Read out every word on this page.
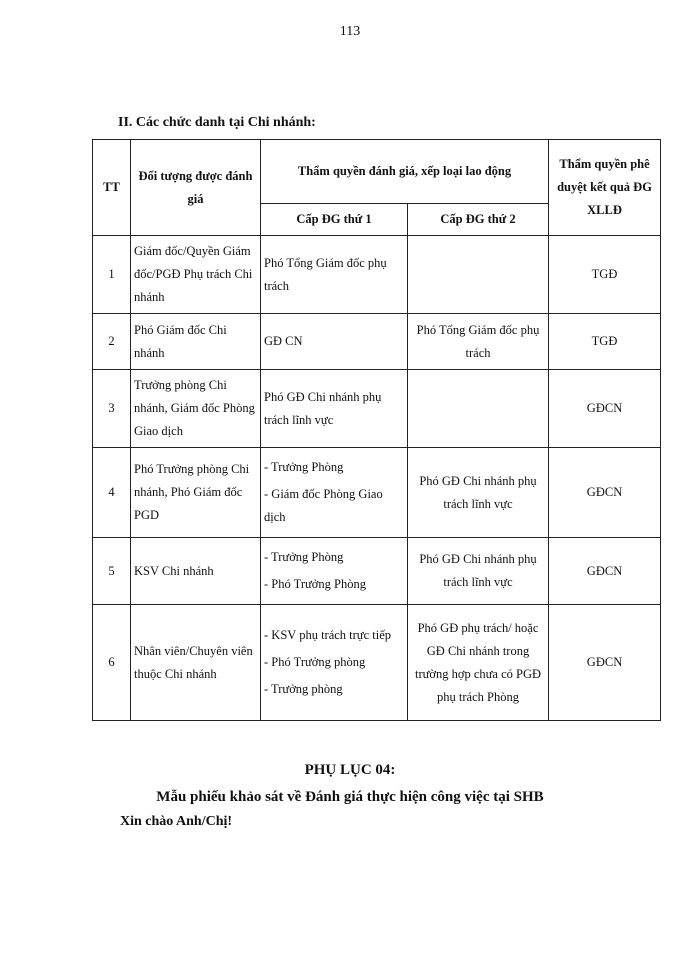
113
II. Các chức danh tại Chi nhánh:
TT	Đối tượng được đánh giá	Thẩm quyền đánh giá, xếp loại lao động		Thẩm quyền phê duyệt kết quả ĐG XLLĐ
		Cấp ĐG thứ 1	Cấp ĐG thứ 2	
1	Giám đốc/Quyền Giám đốc/PGĐ Phụ trách Chi nhánh	Phó Tổng Giám đốc phụ trách		TGĐ
2	Phó Giám đốc Chi nhánh	GĐ CN	Phó Tổng Giám đốc phụ trách	TGĐ
3	Trưởng phòng Chi nhánh, Giám đốc Phòng Giao dịch	Phó GĐ Chi nhánh phụ trách lĩnh vực		GĐCN
4	Phó Trưởng phòng Chi nhánh, Phó Giám đốc PGD	- Trưởng Phòng
- Giám đốc Phòng Giao dịch	Phó GĐ Chi nhánh phụ trách lĩnh vực	GĐCN
5	KSV Chi nhánh	- Trưởng Phòng
- Phó Trưởng Phòng	Phó GĐ Chi nhánh phụ trách lĩnh vực	GĐCN
6	Nhân viên/Chuyên viên thuộc Chi nhánh	- KSV phụ trách trực tiếp
- Phó Trưởng phòng
- Trưởng phòng	Phó GĐ phụ trách/ hoặc GĐ Chi nhánh trong trường hợp chưa có PGĐ phụ trách Phòng	GĐCN
PHỤ LỤC 04:
Mẫu phiếu khảo sát về Đánh giá thực hiện công việc tại SHB
Xin chào Anh/Chị!
